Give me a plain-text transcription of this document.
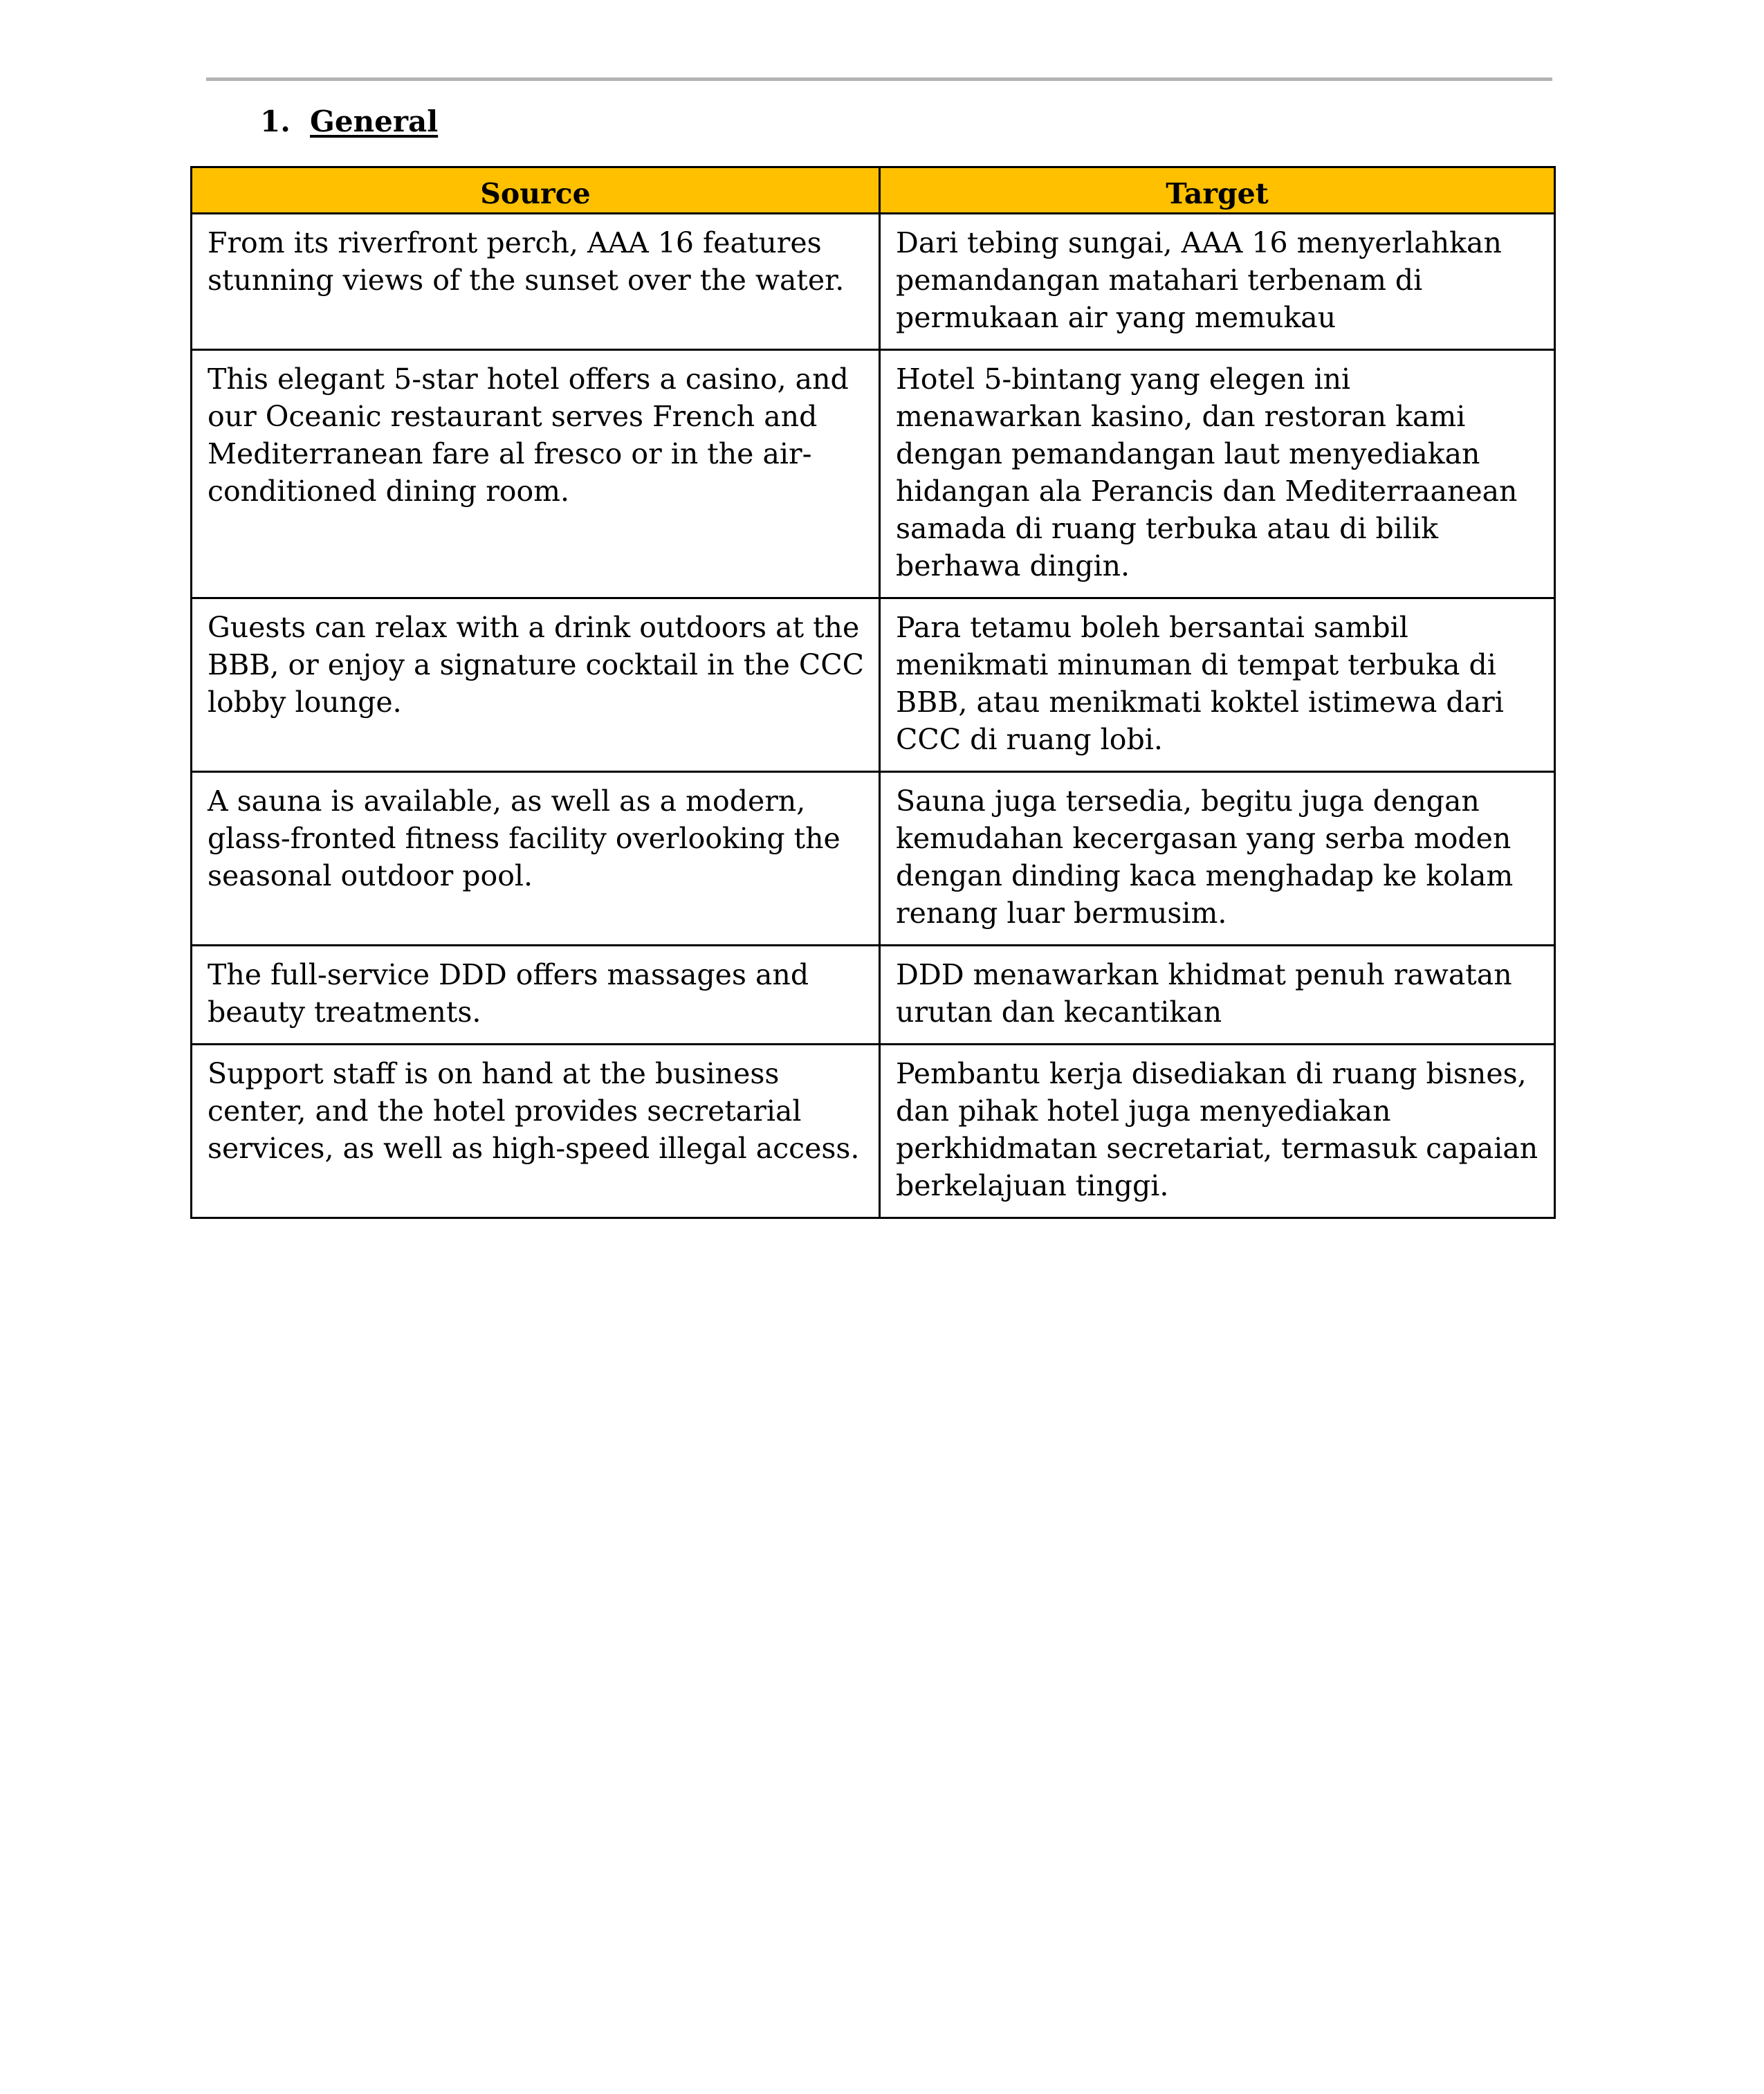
1. General
Source	Target
From its riverfront perch, AAA 16 features stunning views of the sunset over the water.	Dari tebing sungai, AAA 16 menyerlahkan pemandangan matahari terbenam di permukaan air yang memukau
This elegant 5-star hotel offers a casino, and our Oceanic restaurant serves French and Mediterranean fare al fresco or in the air-conditioned dining room.	Hotel 5-bintang yang elegen ini menawarkan kasino, dan restoran kami dengan pemandangan laut menyediakan hidangan ala Perancis dan Mediterraanean samada di ruang terbuka atau di bilik berhawa dingin.
Guests can relax with a drink outdoors at the BBB, or enjoy a signature cocktail in the CCC lobby lounge.	Para tetamu boleh bersantai sambil menikmati minuman di tempat terbuka di BBB, atau menikmati koktel istimewa dari CCC di ruang lobi.
A sauna is available, as well as a modern, glass-fronted fitness facility overlooking the seasonal outdoor pool.	Sauna juga tersedia, begitu juga dengan kemudahan kecergasan yang serba moden dengan dinding kaca menghadap ke kolam renang luar bermusim.
The full-service DDD offers massages and beauty treatments.	DDD menawarkan khidmat penuh rawatan urutan dan kecantikan
Support staff is on hand at the business center, and the hotel provides secretarial services, as well as high-speed illegal access.	Pembantu kerja disediakan di ruang bisnes, dan pihak hotel juga menyediakan perkhidmatan secretariat, termasuk capaian berkelajuan tinggi.
